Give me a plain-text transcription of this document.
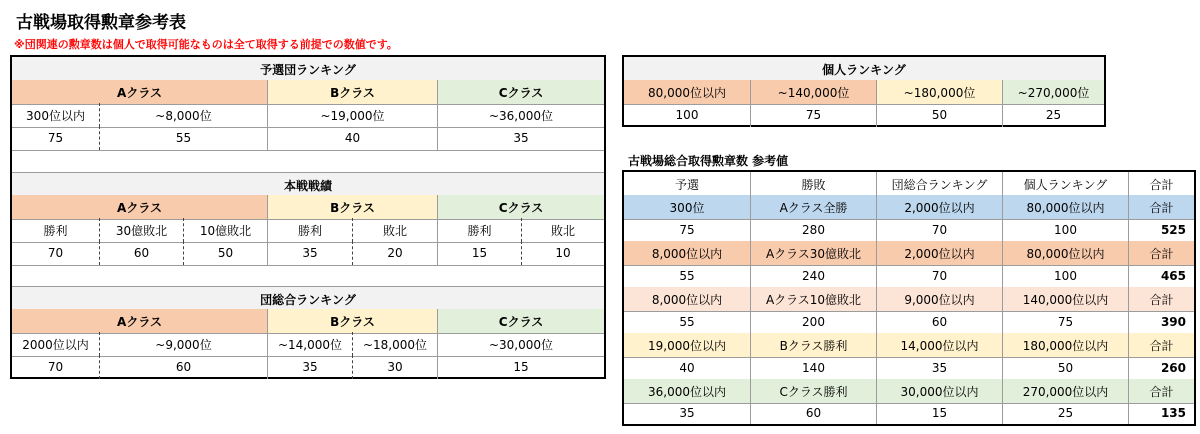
古戦場取得勲章参考表
※団関連の勲章数は個人で取得可能なものは全て取得する前提での数値です。
予選団ランキング
Aクラス	Bクラス	Cクラス
300位以内	~8,000位	~19,000位	~36,000位
75	55	40	35
本戦戦績
Aクラス	Bクラス	Cクラス
勝利	30億敗北	10億敗北	勝利	敗北	勝利	敗北
70	60	50	35	20	15	10
団総合ランキング
Aクラス	Bクラス	Cクラス
2000位以内	~9,000位	~14,000位	~18,000位	~30,000位
70	60	35	30	15
個人ランキング
80,000位以内	~140,000位	~180,000位	~270,000位
100	75	50	25
古戦場総合取得勲章数 参考値
予選	勝敗	団総合ランキング	個人ランキング	合計
300位	Aクラス全勝	2,000位以内	80,000位以内	合計
75	280	70	100	525
8,000位以内	Aクラス30億敗北	2,000位以内	80,000位以内	合計
55	240	70	100	465
8,000位以内	Aクラス10億敗北	9,000位以内	140,000位以内	合計
55	200	60	75	390
19,000位以内	Bクラス勝利	14,000位以内	180,000位以内	合計
40	140	35	50	260
36,000位以内	Cクラス勝利	30,000位以内	270,000位以内	合計
35	60	15	25	135
